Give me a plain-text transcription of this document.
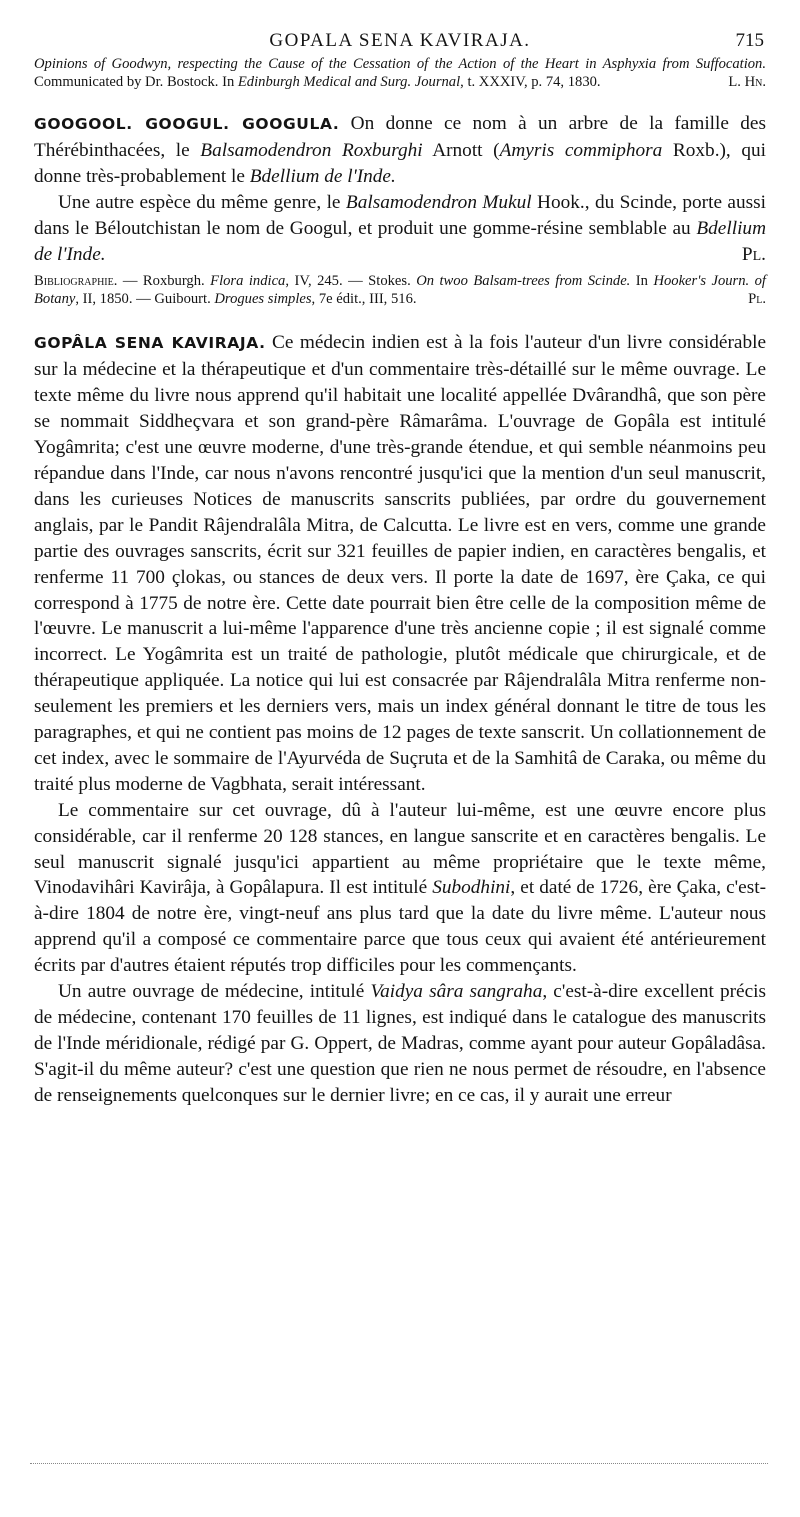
GOPALA SENA KAVIRAJA.	715

Opinions of Goodwyn, respecting the Cause of the Cessation of the Action of the Heart in Asphyxia from Suffocation. Communicated by Dr. Bostock. In Edinburgh Medical and Surg. Journal, t. XXXIV, p. 74, 1830.	L. Hn.

GOOGOOL. GOOGUL. GOOGULA. On donne ce nom à un arbre de la famille des Thérébinthacées, le Balsamodendron Roxburghi Arnott (Amyris commiphora Roxb.), qui donne très-probablement le Bdellium de l'Inde.

Une autre espèce du même genre, le Balsamodendron Mukul Hook., du Scinde, porte aussi dans le Béloutchistan le nom de Googul, et produit une gomme-résine semblable au Bdellium de l'Inde.	Pl.

Bibliographie. — Roxburgh. Flora indica, IV, 245. — Stokes. On twoo Balsam-trees from Scinde. In Hooker's Journ. of Botany, II, 1850. — Guibourt. Drogues simples, 7e édit., III, 516.	Pl.

GOPÂLA SENA KAVIRAJA. Ce médecin indien est à la fois l'auteur d'un livre considérable sur la médecine et la thérapeutique et d'un commentaire très-détaillé sur le même ouvrage. Le texte même du livre nous apprend qu'il habitait une localité appellée Dvârandhâ, que son père se nommait Siddheçvara et son grand-père Râmarâma. L'ouvrage de Gopâla est intitulé Yogâmrita; c'est une œuvre moderne, d'une très-grande étendue, et qui semble néanmoins peu répandue dans l'Inde, car nous n'avons rencontré jusqu'ici que la mention d'un seul manuscrit, dans les curieuses Notices de manuscrits sanscrits publiées, par ordre du gouvernement anglais, par le Pandit Râjendralâla Mitra, de Calcutta. Le livre est en vers, comme une grande partie des ouvrages sanscrits, écrit sur 321 feuilles de papier indien, en caractères bengalis, et renferme 11 700 çlokas, ou stances de deux vers. Il porte la date de 1697, ère Çaka, ce qui correspond à 1775 de notre ère. Cette date pourrait bien être celle de la composition même de l'œuvre. Le manuscrit a lui-même l'apparence d'une très ancienne copie ; il est signalé comme incorrect. Le Yogâmrita est un traité de pathologie, plutôt médicale que chirurgicale, et de thérapeutique appliquée. La notice qui lui est consacrée par Râjendralâla Mitra renferme non-seulement les premiers et les derniers vers, mais un index général donnant le titre de tous les paragraphes, et qui ne contient pas moins de 12 pages de texte sanscrit. Un collationnement de cet index, avec le sommaire de l'Ayurvéda de Suçruta et de la Samhitâ de Caraka, ou même du traité plus moderne de Vagbhata, serait intéressant.

Le commentaire sur cet ouvrage, dû à l'auteur lui-même, est une œuvre encore plus considérable, car il renferme 20 128 stances, en langue sanscrite et en caractères bengalis. Le seul manuscrit signalé jusqu'ici appartient au même propriétaire que le texte même, Vinodavihâri Kavirâja, à Gopâlapura. Il est intitulé Subodhini, et daté de 1726, ère Çaka, c'est-à-dire 1804 de notre ère, vingt-neuf ans plus tard que la date du livre même. L'auteur nous apprend qu'il a composé ce commentaire parce que tous ceux qui avaient été antérieurement écrits par d'autres étaient réputés trop difficiles pour les commençants.

Un autre ouvrage de médecine, intitulé Vaidya sâra sangraha, c'est-à-dire excellent précis de médecine, contenant 170 feuilles de 11 lignes, est indiqué dans le catalogue des manuscrits de l'Inde méridionale, rédigé par G. Oppert, de Madras, comme ayant pour auteur Gopâladâsa. S'agit-il du même auteur? c'est une question que rien ne nous permet de résoudre, en l'absence de renseignements quelconques sur le dernier livre; en ce cas, il y aurait une erreur
